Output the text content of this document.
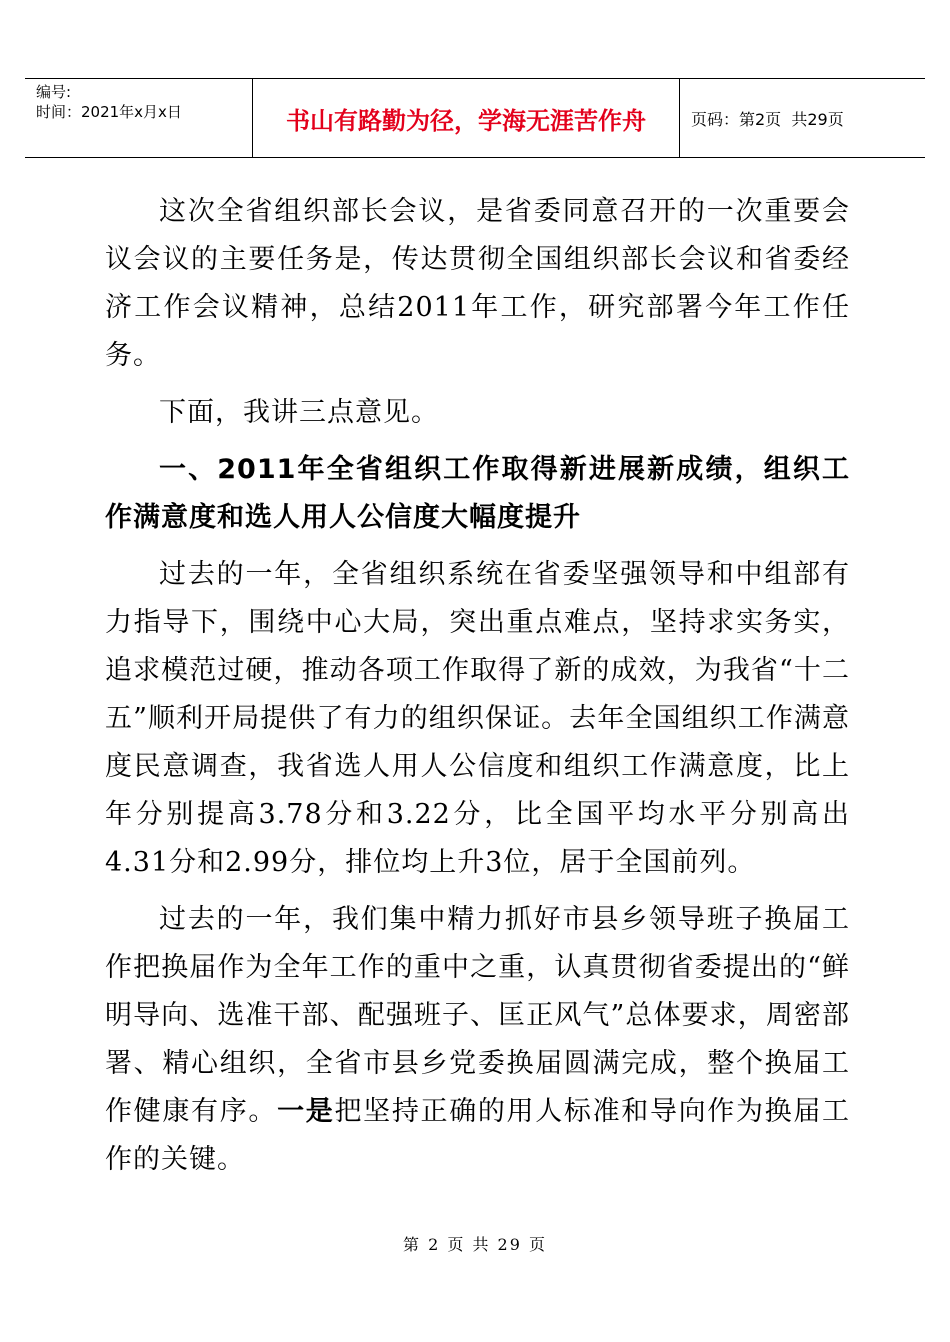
编号:
时间：2021年x月x日	书山有路勤为径，学海无涯苦作舟	页码：第2页  共29页

这次全省组织部长会议，是省委同意召开的一次重要会议会议的主要任务是，传达贯彻全国组织部长会议和省委经济工作会议精神，总结2011年工作，研究部署今年工作任务。

下面，我讲三点意见。

一、2011年全省组织工作取得新进展新成绩，组织工作满意度和选人用人公信度大幅度提升

过去的一年，全省组织系统在省委坚强领导和中组部有力指导下，围绕中心大局，突出重点难点，坚持求实务实，追求模范过硬，推动各项工作取得了新的成效，为我省“十二五”顺利开局提供了有力的组织保证。去年全国组织工作满意度民意调查，我省选人用人公信度和组织工作满意度，比上年分别提高3.78分和3.22分，比全国平均水平分别高出4.31分和2.99分，排位均上升3位，居于全国前列。

过去的一年，我们集中精力抓好市县乡领导班子换届工作把换届作为全年工作的重中之重，认真贯彻省委提出的“鲜明导向、选准干部、配强班子、匡正风气”总体要求，周密部署、精心组织，全省市县乡党委换届圆满完成，整个换届工作健康有序。一是把坚持正确的用人标准和导向作为换届工作的关键。

第 2 页 共 29 页
